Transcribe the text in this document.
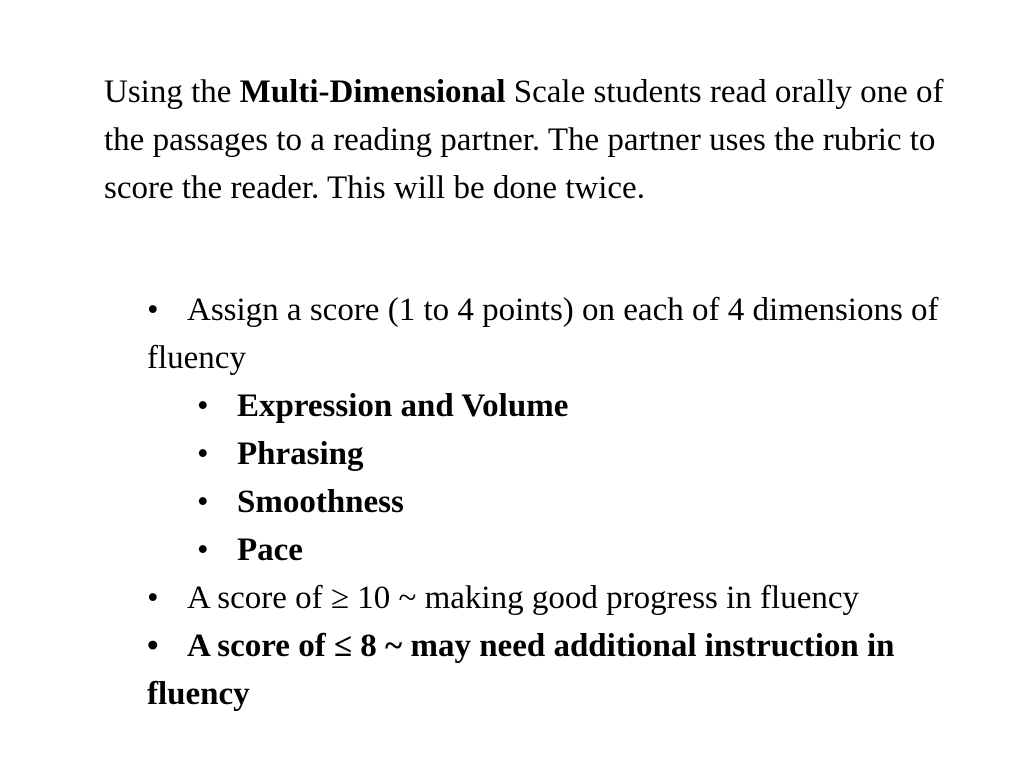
Using the Multi-Dimensional Scale students read orally one of the passages to a reading partner. The partner uses the rubric to score the reader. This will be done twice.

• Assign a score (1 to 4 points) on each of 4 dimensions of fluency
• Expression and Volume
• Phrasing
• Smoothness
• Pace
• A score of ≥ 10 ~ making good progress in fluency
• A score of ≤ 8 ~ may need additional instruction in fluency
